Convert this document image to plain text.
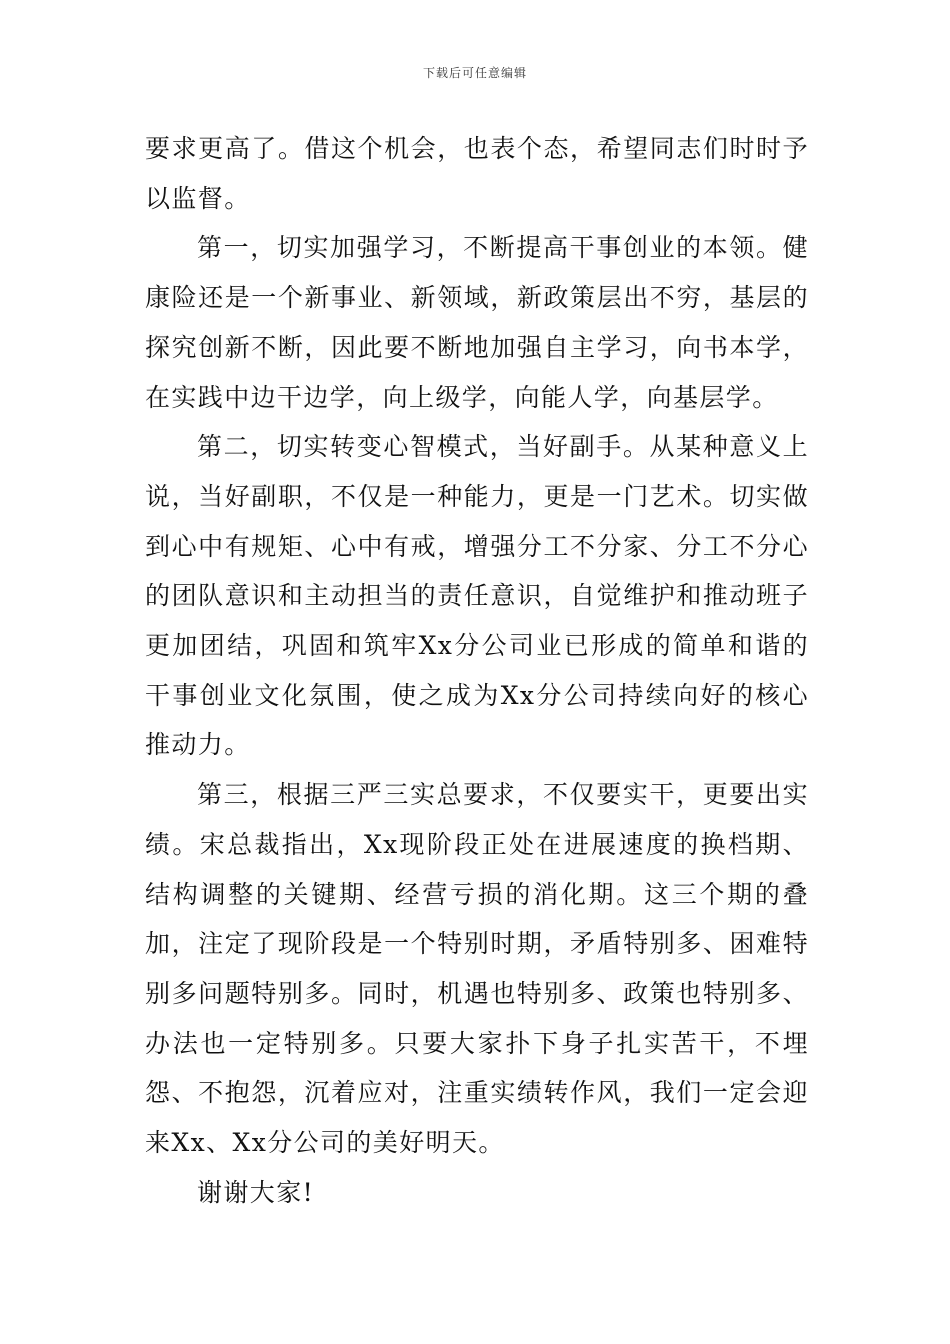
下载后可任意编辑

要求更高了。借这个机会，也表个态，希望同志们时时予以监督。

第一，切实加强学习，不断提高干事创业的本领。健康险还是一个新事业、新领域，新政策层出不穷，基层的探究创新不断，因此要不断地加强自主学习，向书本学，在实践中边干边学，向上级学，向能人学，向基层学。

第二，切实转变心智模式，当好副手。从某种意义上说，当好副职，不仅是一种能力，更是一门艺术。切实做到心中有规矩、心中有戒，增强分工不分家、分工不分心的团队意识和主动担当的责任意识，自觉维护和推动班子更加团结，巩固和筑牢Xx分公司业已形成的简单和谐的干事创业文化氛围，使之成为Xx分公司持续向好的核心推动力。

第三，根据三严三实总要求，不仅要实干，更要出实绩。宋总裁指出，Xx现阶段正处在进展速度的换档期、结构调整的关键期、经营亏损的消化期。这三个期的叠加，注定了现阶段是一个特别时期，矛盾特别多、困难特别多问题特别多。同时，机遇也特别多、政策也特别多、办法也一定特别多。只要大家扑下身子扎实苦干，不埋怨、不抱怨，沉着应对，注重实绩转作风，我们一定会迎来Xx、Xx分公司的美好明天。

谢谢大家!
